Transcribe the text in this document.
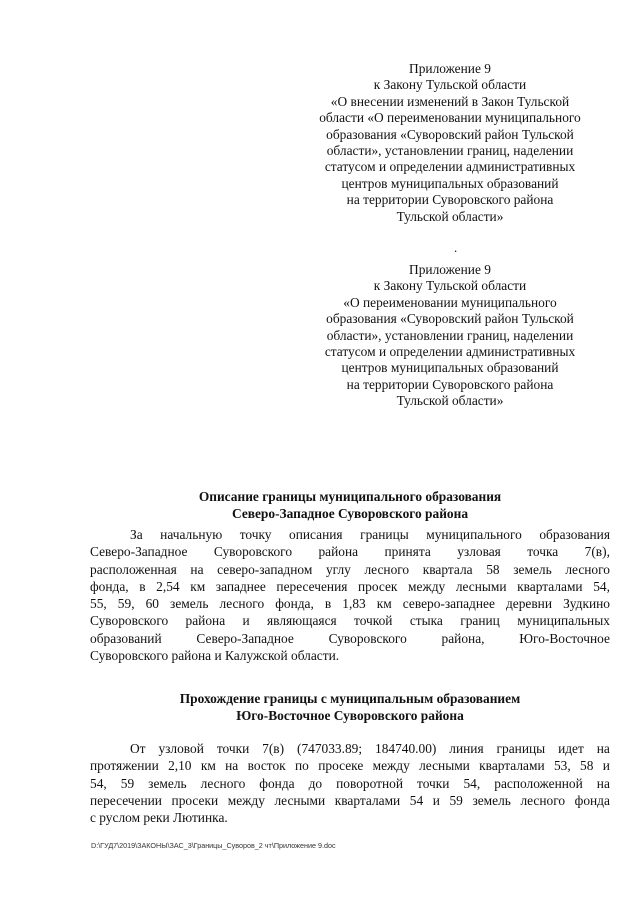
Приложение 9
к Закону Тульской области
«О внесении изменений в Закон Тульской
области «О переименовании муниципального
образования «Суворовский район Тульской
области», установлении границ, наделении
статусом и определении административных
центров муниципальных образований
на территории Суворовского района
Тульской области»
.
Приложение 9
к Закону Тульской области
«О переименовании муниципального
образования «Суворовский район Тульской
области», установлении границ, наделении
статусом и определении административных
центров муниципальных образований
на территории Суворовского района
Тульской области»
Описание границы муниципального образования
Северо-Западное Суворовского района
За начальную точку описания границы муниципального образования
Северо-Западное Суворовского района принята узловая точка 7(в),
расположенная на северо-западном углу лесного квартала 58 земель лесного
фонда, в 2,54 км западнее пересечения просек между лесными кварталами 54,
55, 59, 60 земель лесного фонда, в 1,83 км северо-западнее деревни Зудкино
Суворовского района и являющаяся точкой стыка границ муниципальных
образований	Северо-Западное	Суворовского	района,	Юго-Восточное
Суворовского района и Калужской области.
Прохождение границы с муниципальным образованием
Юго-Восточное Суворовского района
От узловой точки 7(в) (747033.89; 184740.00) линия границы идет на
протяжении 2,10 км на восток по просеке между лесными кварталами 53, 58 и
54, 59 земель лесного фонда до поворотной точки 54, расположенной на
пересечении просеки между лесными кварталами 54 и 59 земель лесного фонда
с руслом реки Лютинка.
D:\ГУД7\2019\ЗАКОНЫ\ЗАС_3\Границы_Суворов_2 чт\Приложение 9.doc
